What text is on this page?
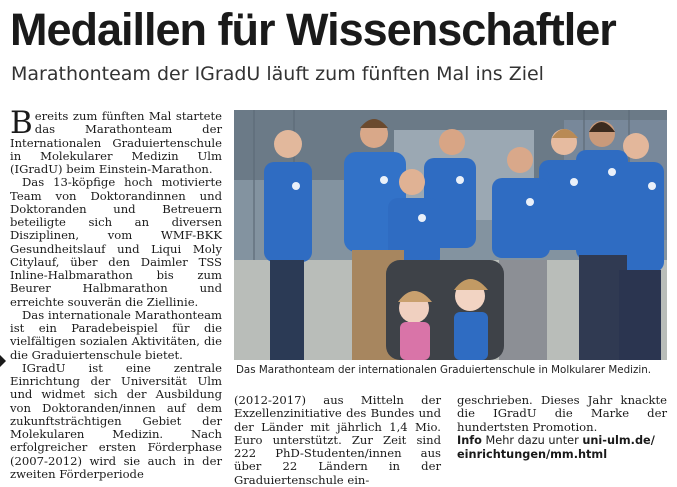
Medaillen für Wissenschaftler
Marathonteam der IGradU läuft zum fünften Mal ins Ziel

Bereits zum fünften Mal startete das Marathonteam der Internationalen Graduiertenschule in Molekularer Medizin Ulm (IGradU) beim Einstein-Marathon.

Das 13-köpfige hoch motivierte Team von Doktorandinnen und Doktoranden und Betreuern beteiligte sich an diversen Disziplinen, vom WMF-BKK Gesundheitslauf und Liqui Moly Citylauf, über den Daimler TSS Inline-Halbmarathon bis zum Beurer Halbmarathon und erreichte souverän die Ziellinie.

Das internationale Marathonteam ist ein Paradebeispiel für die vielfältigen sozialen Aktivitäten, die die Graduiertenschule bietet.

IGradU ist eine zentrale Einrichtung der Universität Ulm und widmet sich der Ausbildung von Doktoranden/innen auf dem zukunftsträchtigen Gebiet der Molekularen Medizin. Nach erfolgreicher ersten Förderphase (2007-2012) wird sie auch in der zweiten Förderperiode

Das Marathonteam der internationalen Graduiertenschule in Molkularer Medizin.

(2012-2017) aus Mitteln der Exzellenzinitiative des Bundes und der Länder mit jährlich 1,4 Mio. Euro unterstützt. Zur Zeit sind 222 PhD-Studenten/innen aus über 22 Ländern in der Graduiertenschule ein-

geschrieben. Dieses Jahr knackte die IGradU die Marke der hundertsten Promotion.

Info Mehr dazu unter uni-ulm.de/ einrichtungen/mm.html
